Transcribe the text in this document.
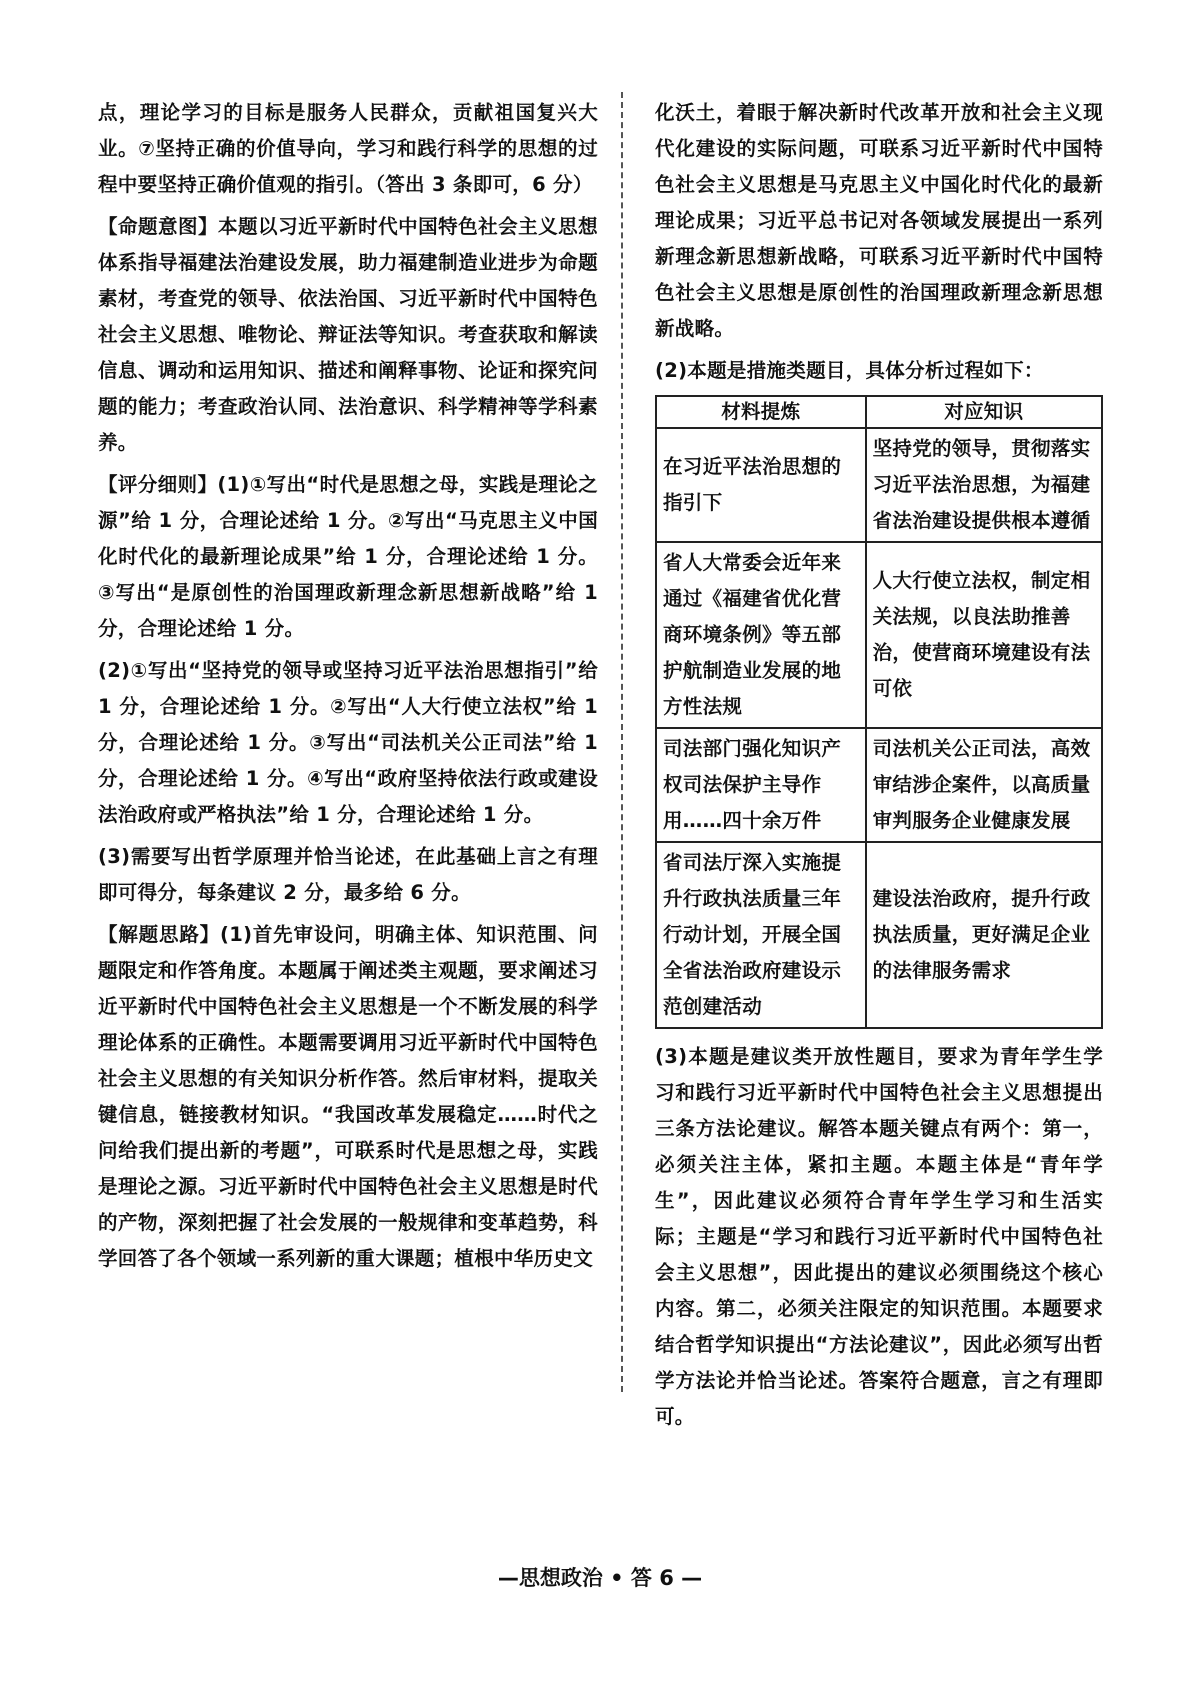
点，理论学习的目标是服务人民群众，贡献祖国复兴大业。⑦坚持正确的价值导向，学习和践行科学的思想的过程中要坚持正确价值观的指引。（答出 3 条即可，6 分）

【命题意图】本题以习近平新时代中国特色社会主义思想体系指导福建法治建设发展，助力福建制造业进步为命题素材，考查党的领导、依法治国、习近平新时代中国特色社会主义思想、唯物论、辩证法等知识。考查获取和解读信息、调动和运用知识、描述和阐释事物、论证和探究问题的能力；考查政治认同、法治意识、科学精神等学科素养。

【评分细则】(1)①写出“时代是思想之母，实践是理论之源”给 1 分，合理论述给 1 分。②写出“马克思主义中国化时代化的最新理论成果”给 1 分，合理论述给 1 分。③写出“是原创性的治国理政新理念新思想新战略”给 1 分，合理论述给 1 分。

(2)①写出“坚持党的领导或坚持习近平法治思想指引”给 1 分，合理论述给 1 分。②写出“人大行使立法权”给 1 分，合理论述给 1 分。③写出“司法机关公正司法”给 1 分，合理论述给 1 分。④写出“政府坚持依法行政或建设法治政府或严格执法”给 1 分，合理论述给 1 分。

(3)需要写出哲学原理并恰当论述，在此基础上言之有理即可得分，每条建议 2 分，最多给 6 分。

【解题思路】(1)首先审设问，明确主体、知识范围、问题限定和作答角度。本题属于阐述类主观题，要求阐述习近平新时代中国特色社会主义思想是一个不断发展的科学理论体系的正确性。本题需要调用习近平新时代中国特色社会主义思想的有关知识分析作答。然后审材料，提取关键信息，链接教材知识。“我国改革发展稳定……时代之问给我们提出新的考题”，可联系时代是思想之母，实践是理论之源。习近平新时代中国特色社会主义思想是时代的产物，深刻把握了社会发展的一般规律和变革趋势，科学回答了各个领域一系列新的重大课题；植根中华历史文

化沃土，着眼于解决新时代改革开放和社会主义现代化建设的实际问题，可联系习近平新时代中国特色社会主义思想是马克思主义中国化时代化的最新理论成果；习近平总书记对各领域发展提出一系列新理念新思想新战略，可联系习近平新时代中国特色社会主义思想是原创性的治国理政新理念新思想新战略。

(2)本题是措施类题目，具体分析过程如下：

材料提炼	对应知识
在习近平法治思想的指引下	坚持党的领导，贯彻落实习近平法治思想，为福建省法治建设提供根本遵循
省人大常委会近年来通过《福建省优化营商环境条例》等五部护航制造业发展的地方性法规	人大行使立法权，制定相关法规，以良法助推善治，使营商环境建设有法可依
司法部门强化知识产权司法保护主导作用……四十余万件	司法机关公正司法，高效审结涉企案件，以高质量审判服务企业健康发展
省司法厅深入实施提升行政执法质量三年行动计划，开展全国全省法治政府建设示范创建活动	建设法治政府，提升行政执法质量，更好满足企业的法律服务需求

(3)本题是建议类开放性题目，要求为青年学生学习和践行习近平新时代中国特色社会主义思想提出三条方法论建议。解答本题关键点有两个：第一，必须关注主体，紧扣主题。本题主体是“青年学生”，因此建议必须符合青年学生学习和生活实际；主题是“学习和践行习近平新时代中国特色社会主义思想”，因此提出的建议必须围绕这个核心内容。第二，必须关注限定的知识范围。本题要求结合哲学知识提出“方法论建议”，因此必须写出哲学方法论并恰当论述。答案符合题意，言之有理即可。

—思想政治 • 答 6 —
